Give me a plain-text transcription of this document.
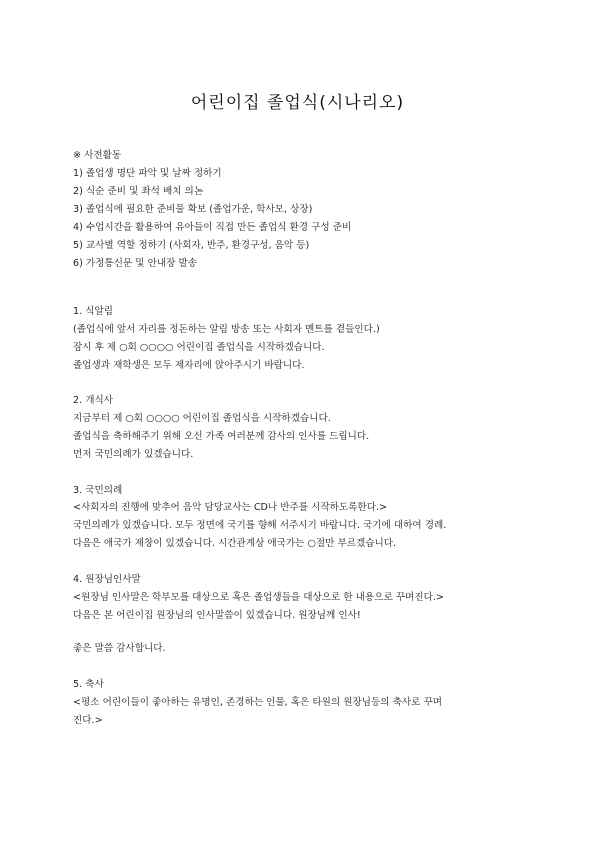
어린이집 졸업식(시나리오)
※ 사전활동
1) 졸업생 명단 파악 및 날짜 정하기
2) 식순 준비 및 좌석 배치 의논
3) 졸업식에 필요한 준비물 확보 (졸업가운, 학사모, 상장)
4) 수업시간을 활용하여 유아들이 직접 만든 졸업식 환경 구성 준비
5) 교사별 역할 정하기 (사회자, 반주, 환경구성, 음악 등)
6) 가정통신문 및 안내장 발송
1. 식알림
(졸업식에 앞서 자리를 정돈하는 알림 방송 또는 사회자 멘트를 곁들인다.)
잠시 후 제 ○회 ○○○○ 어린이집 졸업식을 시작하겠습니다.
졸업생과 재학생은 모두 제자리에 앉아주시기 바랍니다.
2. 개식사
지금부터 제 ○회 ○○○○ 어린이집 졸업식을 시작하겠습니다.
졸업식을 축하해주기 위해 오신 가족 여러분께 감사의 인사를 드립니다.
먼저 국민의례가 있겠습니다.
3. 국민의례
<사회자의 진행에 맞추어 음악 담당교사는 CD나 반주를 시작하도록한다.>
국민의례가 있겠습니다. 모두 정면에 국기를 향해 서주시기 바랍니다. 국기에 대하여 경례.
다음은 애국가 제창이 있겠습니다. 시간관계상 애국가는 ○절만 부르겠습니다.
4. 원장님인사말
<원장님 인사말은 학부모를 대상으로 혹은 졸업생들을 대상으로 한 내용으로 꾸며진다.>
다음은 본 어린이집 원장님의 인사말씀이 있겠습니다. 원장님께 인사!
좋은 말씀 감사합니다.
5. 축사
<평소 어린이들이 좋아하는 유명인, 존경하는 인물, 혹은 타원의 원장님등의 축사로 꾸며
진다.>
